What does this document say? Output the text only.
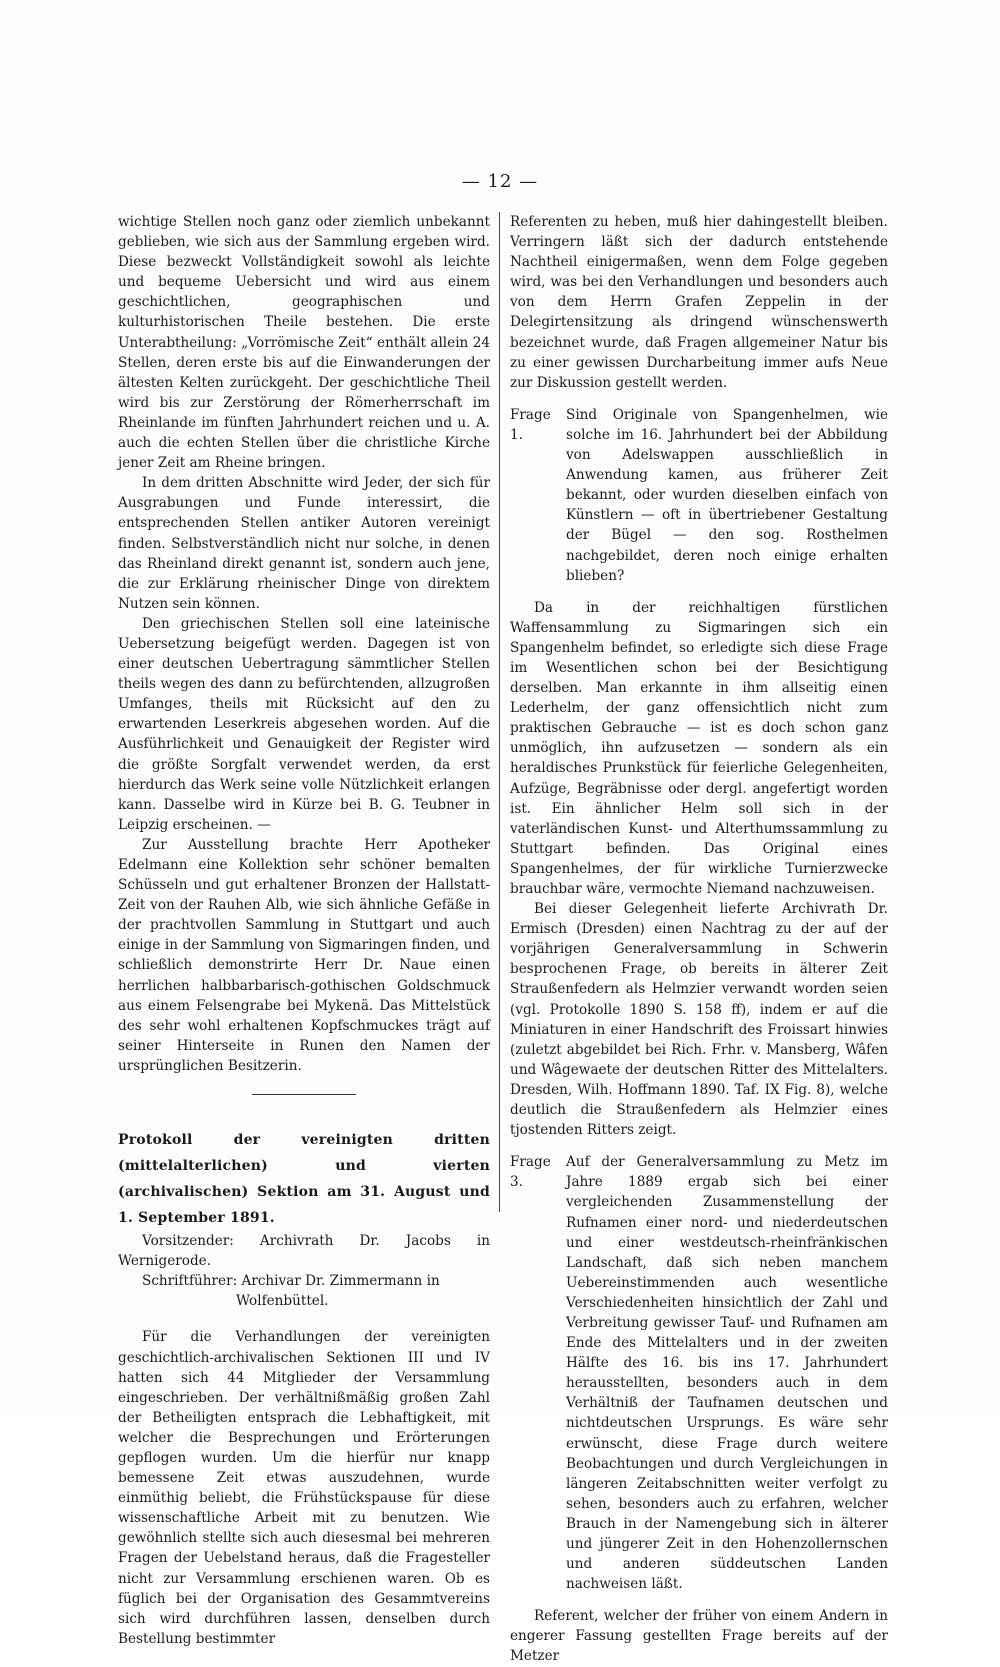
— 12 —

wichtige Stellen noch ganz oder ziemlich unbekannt geblieben, wie sich aus der Sammlung ergeben wird. Diese bezweckt Vollständigkeit sowohl als leichte und bequeme Uebersicht und wird aus einem geschichtlichen, geographischen und kulturhistorischen Theile bestehen. Die erste Unterabtheilung: „Vorrömische Zeit“ enthält allein 24 Stellen, deren erste bis auf die Einwanderungen der ältesten Kelten zurückgeht. Der geschichtliche Theil wird bis zur Zerstörung der Römerherrschaft im Rheinlande im fünften Jahrhundert reichen und u. A. auch die echten Stellen über die christliche Kirche jener Zeit am Rheine bringen.

In dem dritten Abschnitte wird Jeder, der sich für Ausgrabungen und Funde interessirt, die entsprechenden Stellen antiker Autoren vereinigt finden. Selbstverständlich nicht nur solche, in denen das Rheinland direkt genannt ist, sondern auch jene, die zur Erklärung rheinischer Dinge von direktem Nutzen sein können.

Den griechischen Stellen soll eine lateinische Uebersetzung beigefügt werden. Dagegen ist von einer deutschen Uebertragung sämmtlicher Stellen theils wegen des dann zu befürchtenden, allzugroßen Umfanges, theils mit Rücksicht auf den zu erwartenden Leserkreis abgesehen worden. Auf die Ausführlichkeit und Genauigkeit der Register wird die größte Sorgfalt verwendet werden, da erst hierdurch das Werk seine volle Nützlichkeit erlangen kann. Dasselbe wird in Kürze bei B. G. Teubner in Leipzig erscheinen. —

Zur Ausstellung brachte Herr Apotheker Edelmann eine Kollektion sehr schöner bemalten Schüsseln und gut erhaltener Bronzen der Hallstatt-Zeit von der Rauhen Alb, wie sich ähnliche Gefäße in der prachtvollen Sammlung in Stuttgart und auch einige in der Sammlung von Sigmaringen finden, und schließlich demonstrirte Herr Dr. Naue einen herrlichen halbbarbarisch-gothischen Goldschmuck aus einem Felsengrabe bei Mykenä. Das Mittelstück des sehr wohl erhaltenen Kopfschmuckes trägt auf seiner Hinterseite in Runen den Namen der ursprünglichen Besitzerin.

Protokoll der vereinigten dritten (mittelalterlichen) und vierten (archivalischen) Sektion am 31. August und 1. September 1891.

Vorsitzender: Archivrath Dr. Jacobs in Wernigerode.

Schriftführer: Archivar Dr. Zimmermann in

Wolfenbüttel.

Für die Verhandlungen der vereinigten geschichtlich-archivalischen Sektionen III und IV hatten sich 44 Mitglieder der Versammlung eingeschrieben. Der verhältnißmäßig großen Zahl der Betheiligten entsprach die Lebhaftigkeit, mit welcher die Besprechungen und Erörterungen gepflogen wurden. Um die hierfür nur knapp bemessene Zeit etwas auszudehnen, wurde einmüthig beliebt, die Frühstückspause für diese wissenschaftliche Arbeit mit zu benutzen. Wie gewöhnlich stellte sich auch diesesmal bei mehreren Fragen der Uebelstand heraus, daß die Fragesteller nicht zur Versammlung erschienen waren. Ob es füglich bei der Organisation des Gesammtvereins sich wird durchführen lassen, denselben durch Bestellung bestimmter

Referenten zu heben, muß hier dahingestellt bleiben. Verringern läßt sich der dadurch entstehende Nachtheil einigermaßen, wenn dem Folge gegeben wird, was bei den Verhandlungen und besonders auch von dem Herrn Grafen Zeppelin in der Delegirtensitzung als dringend wünschenswerth bezeichnet wurde, daß Fragen allgemeiner Natur bis zu einer gewissen Durcharbeitung immer aufs Neue zur Diskussion gestellt werden.

Frage 1.
Sind Originale von Spangenhelmen, wie solche im 16. Jahrhundert bei der Abbildung von Adelswappen ausschließlich in Anwendung kamen, aus früherer Zeit bekannt, oder wurden dieselben einfach von Künstlern — oft in übertriebener Gestaltung der Bügel — den sog. Rosthelmen nachgebildet, deren noch einige erhalten blieben?

Da in der reichhaltigen fürstlichen Waffensammlung zu Sigmaringen sich ein Spangenhelm befindet, so erledigte sich diese Frage im Wesentlichen schon bei der Besichtigung derselben. Man erkannte in ihm allseitig einen Lederhelm, der ganz offensichtlich nicht zum praktischen Gebrauche — ist es doch schon ganz unmöglich, ihn aufzusetzen — sondern als ein heraldisches Prunkstück für feierliche Gelegenheiten, Aufzüge, Begräbnisse oder dergl. angefertigt worden ist. Ein ähnlicher Helm soll sich in der vaterländischen Kunst- und Alterthumssammlung zu Stuttgart befinden. Das Original eines Spangenhelmes, der für wirkliche Turnierzwecke brauchbar wäre, vermochte Niemand nachzuweisen.

Bei dieser Gelegenheit lieferte Archivrath Dr. Ermisch (Dresden) einen Nachtrag zu der auf der vorjährigen Generalversammlung in Schwerin besprochenen Frage, ob bereits in älterer Zeit Straußenfedern als Helmzier verwandt worden seien (vgl. Protokolle 1890 S. 158 ff), indem er auf die Miniaturen in einer Handschrift des Froissart hinwies (zuletzt abgebildet bei Rich. Frhr. v. Mansberg, Wâfen und Wâgewaete der deutschen Ritter des Mittelalters. Dresden, Wilh. Hoffmann 1890. Taf. IX Fig. 8), welche deutlich die Straußenfedern als Helmzier eines tjostenden Ritters zeigt.

Frage 3.
Auf der Generalversammlung zu Metz im Jahre 1889 ergab sich bei einer vergleichenden Zusammenstellung der Rufnamen einer nord- und niederdeutschen und einer westdeutsch-rheinfränkischen Landschaft, daß sich neben manchem Uebereinstimmenden auch wesentliche Verschiedenheiten hinsichtlich der Zahl und Verbreitung gewisser Tauf- und Rufnamen am Ende des Mittelalters und in der zweiten Hälfte des 16. bis ins 17. Jahrhundert herausstellten, besonders auch in dem Verhältniß der Taufnamen deutschen und nichtdeutschen Ursprungs. Es wäre sehr erwünscht, diese Frage durch weitere Beobachtungen und durch Vergleichungen in längeren Zeitabschnitten weiter verfolgt zu sehen, besonders auch zu erfahren, welcher Brauch in der Namengebung sich in älterer und jüngerer Zeit in den Hohenzollernschen und anderen süddeutschen Landen nachweisen läßt.

Referent, welcher der früher von einem Andern in engerer Fassung gestellten Frage bereits auf der Metzer
